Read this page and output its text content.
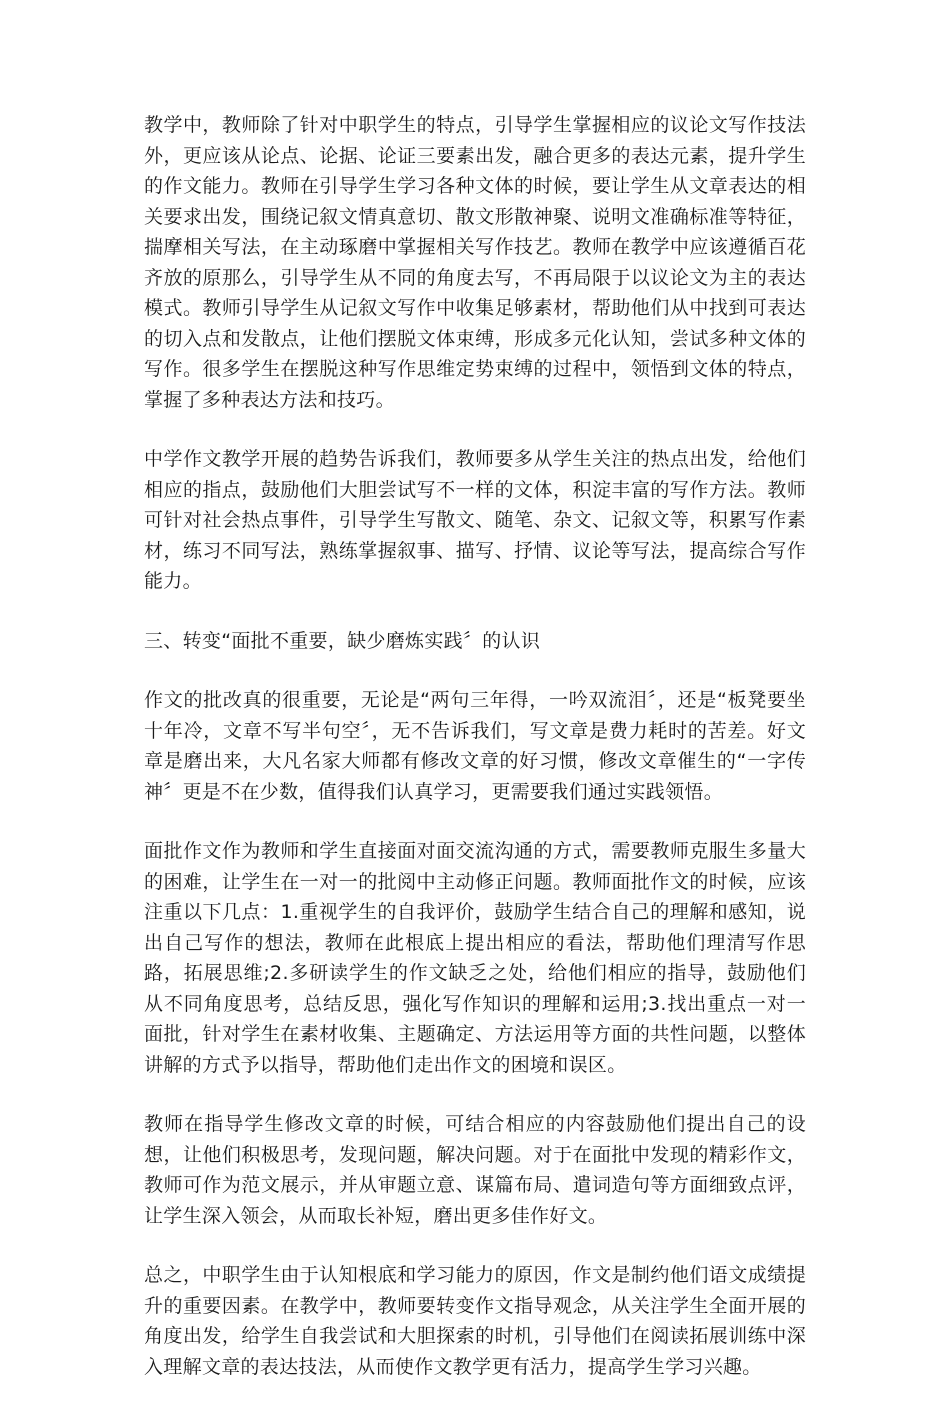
教学中，教师除了针对中职学生的特点，引导学生掌握相应的议论文写作技法外，更应该从论点、论据、论证三要素出发，融合更多的表达元素，提升学生的作文能力。教师在引导学生学习各种文体的时候，要让学生从文章表达的相关要求出发，围绕记叙文情真意切、散文形散神聚、说明文准确标准等特征，揣摩相关写法，在主动琢磨中掌握相关写作技艺。教师在教学中应该遵循百花齐放的原那么，引导学生从不同的角度去写，不再局限于以议论文为主的表达模式。教师引导学生从记叙文写作中收集足够素材，帮助他们从中找到可表达的切入点和发散点，让他们摆脱文体束缚，形成多元化认知，尝试多种文体的写作。很多学生在摆脱这种写作思维定势束缚的过程中，领悟到文体的特点，掌握了多种表达方法和技巧。

中学作文教学开展的趋势告诉我们，教师要多从学生关注的热点出发，给他们相应的指点，鼓励他们大胆尝试写不一样的文体，积淀丰富的写作方法。教师可针对社会热点事件，引导学生写散文、随笔、杂文、记叙文等，积累写作素材，练习不同写法，熟练掌握叙事、描写、抒情、议论等写法，提高综合写作能力。

三、转变“面批不重要，缺少磨炼实践〞的认识

作文的批改真的很重要，无论是“两句三年得，一吟双流泪〞，还是“板凳要坐十年冷，文章不写半句空〞，无不告诉我们，写文章是费力耗时的苦差。好文章是磨出来，大凡名家大师都有修改文章的好习惯，修改文章催生的“一字传神〞更是不在少数，值得我们认真学习，更需要我们通过实践领悟。

面批作文作为教师和学生直接面对面交流沟通的方式，需要教师克服生多量大的困难，让学生在一对一的批阅中主动修正问题。教师面批作文的时候，应该注重以下几点：1.重视学生的自我评价，鼓励学生结合自己的理解和感知，说出自己写作的想法，教师在此根底上提出相应的看法，帮助他们理清写作思路，拓展思维;2.多研读学生的作文缺乏之处，给他们相应的指导，鼓励他们从不同角度思考，总结反思，强化写作知识的理解和运用;3.找出重点一对一面批，针对学生在素材收集、主题确定、方法运用等方面的共性问题，以整体讲解的方式予以指导，帮助他们走出作文的困境和误区。

教师在指导学生修改文章的时候，可结合相应的内容鼓励他们提出自己的设想，让他们积极思考，发现问题，解决问题。对于在面批中发现的精彩作文，教师可作为范文展示，并从审题立意、谋篇布局、遣词造句等方面细致点评，让学生深入领会，从而取长补短，磨出更多佳作好文。

总之，中职学生由于认知根底和学习能力的原因，作文是制约他们语文成绩提升的重要因素。在教学中，教师要转变作文指导观念，从关注学生全面开展的角度出发，给学生自我尝试和大胆探索的时机，引导他们在阅读拓展训练中深入理解文章的表达技法，从而使作文教学更有活力，提高学生学习兴趣。
